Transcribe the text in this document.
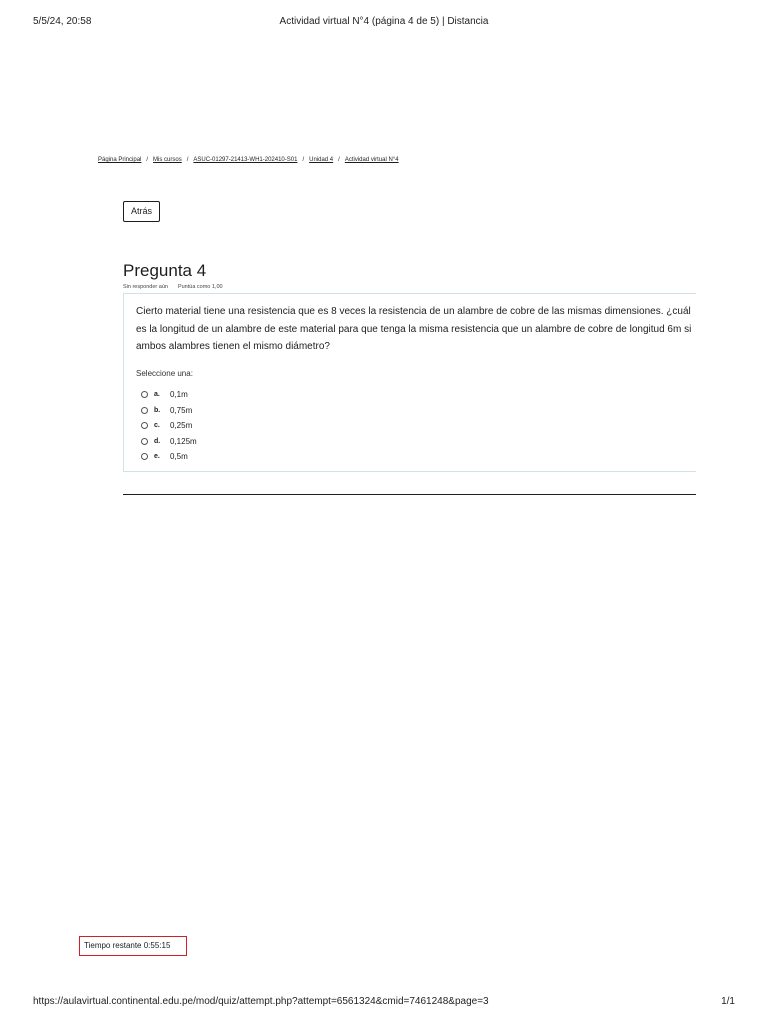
5/5/24, 20:58	Actividad virtual N°4 (página 4 de 5) | Distancia
Página Principal / Mis cursos / ASUC-01297-21413-WH1-202410-S01 / Unidad 4 / Actividad virtual N°4
Atrás
Pregunta 4
Sin responder aún Puntúa como 1,00
Cierto material tiene una resistencia que es 8 veces la resistencia de un alambre de cobre de las mismas dimensiones. ¿cuál es la longitud de un alambre de este material para que tenga la misma resistencia que un alambre de cobre de longitud 6m si ambos alambres tienen el mismo diámetro?
Seleccione una:
a.	0,1m
b.	0,75m
c.	0,25m
d.	0,125m
e.	0,5m
Tiempo restante 0:55:15
https://aulavirtual.continental.edu.pe/mod/quiz/attempt.php?attempt=6561324&cmid=7461248&page=3	1/1
